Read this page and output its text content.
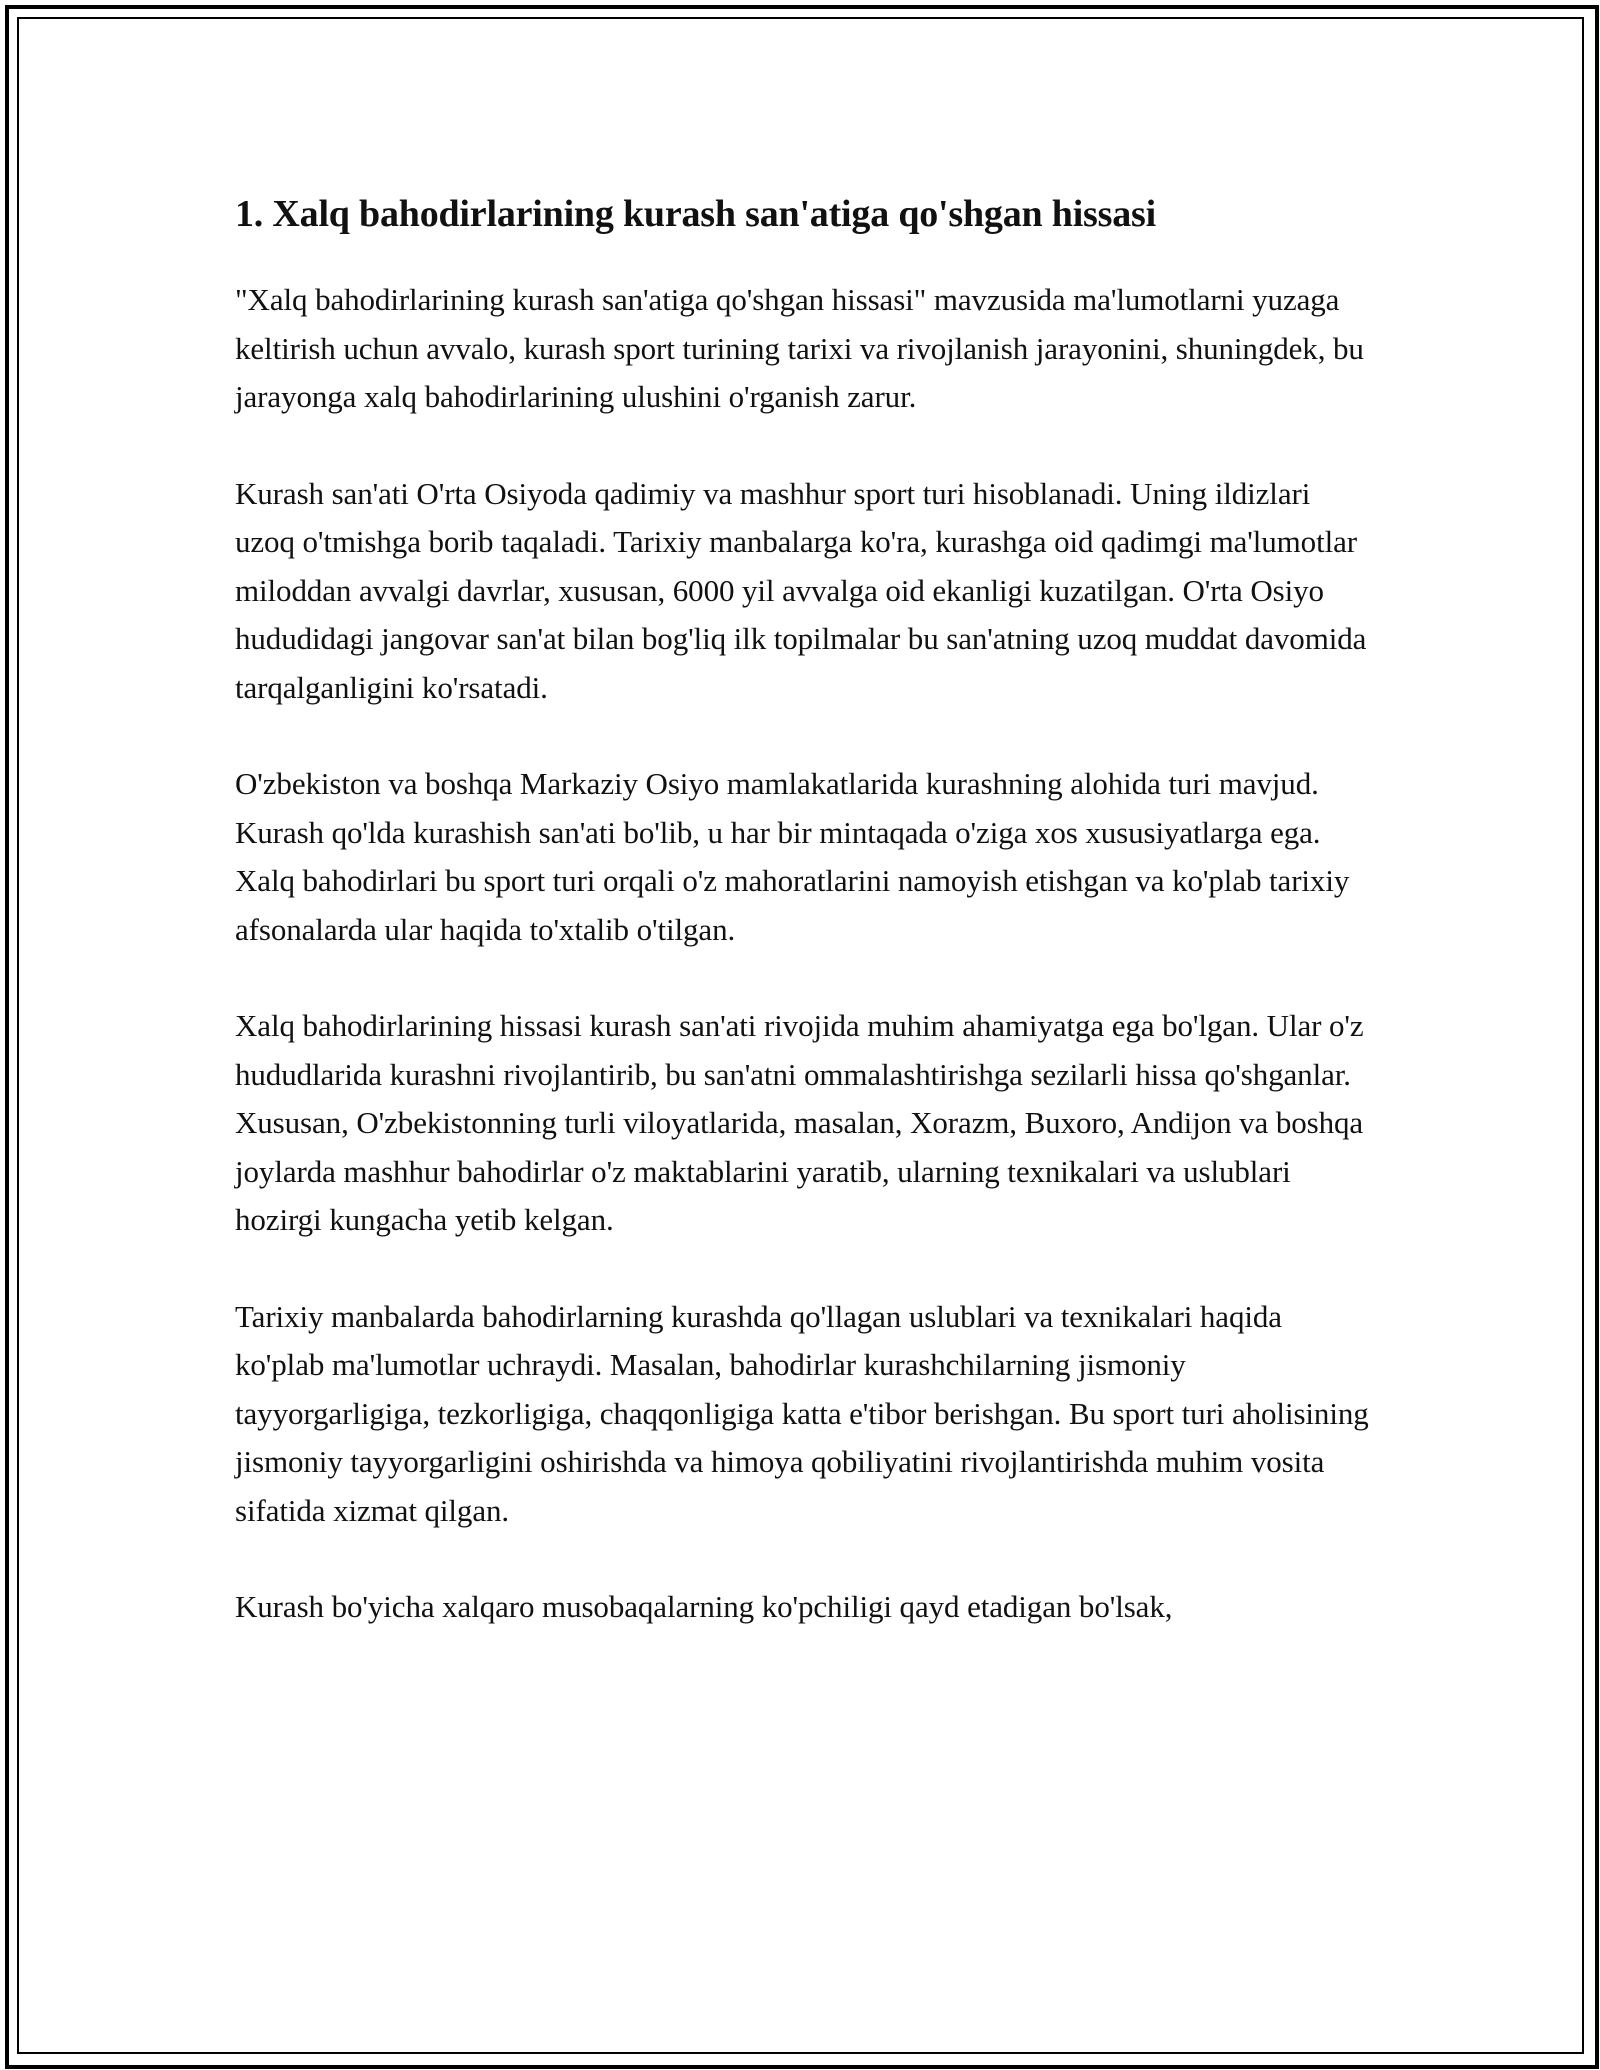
1. Xalq bahodirlarining kurash san'atiga qo'shgan hissasi

"Xalq bahodirlarining kurash san'atiga qo'shgan hissasi" mavzusida ma'lumotlarni yuzaga keltirish uchun avvalo, kurash sport turining tarixi va rivojlanish jarayonini, shuningdek, bu jarayonga xalq bahodirlarining ulushini o'rganish zarur.

Kurash san'ati O'rta Osiyoda qadimiy va mashhur sport turi hisoblanadi. Uning ildizlari uzoq o'tmishga borib taqaladi. Tarixiy manbalarga ko'ra, kurashga oid qadimgi ma'lumotlar miloddan avvalgi davrlar, xususan, 6000 yil avvalga oid ekanligi kuzatilgan. O'rta Osiyo hududidagi jangovar san'at bilan bog'liq ilk topilmalar bu san'atning uzoq muddat davomida tarqalganligini ko'rsatadi.

O'zbekiston va boshqa Markaziy Osiyo mamlakatlarida kurashning alohida turi mavjud. Kurash qo'lda kurashish san'ati bo'lib, u har bir mintaqada o'ziga xos xususiyatlarga ega. Xalq bahodirlari bu sport turi orqali o'z mahoratlarini namoyish etishgan va ko'plab tarixiy afsonalarda ular haqida to'xtalib o'tilgan.

Xalq bahodirlarining hissasi kurash san'ati rivojida muhim ahamiyatga ega bo'lgan. Ular o'z hududlarida kurashni rivojlantirib, bu san'atni ommalashtirishga sezilarli hissa qo'shganlar. Xususan, O'zbekistonning turli viloyatlarida, masalan, Xorazm, Buxoro, Andijon va boshqa joylarda mashhur bahodirlar o'z maktablarini yaratib, ularning texnikalari va uslublari hozirgi kungacha yetib kelgan.

Tarixiy manbalarda bahodirlarning kurashda qo'llagan uslublari va texnikalari haqida ko'plab ma'lumotlar uchraydi. Masalan, bahodirlar kurashchilarning jismoniy tayyorgarligiga, tezkorligiga, chaqqonligiga katta e'tibor berishgan. Bu sport turi aholisining jismoniy tayyorgarligini oshirishda va himoya qobiliyatini rivojlantirishda muhim vosita sifatida xizmat qilgan.

Kurash bo'yicha xalqaro musobaqalarning ko'pchiligi qayd etadigan bo'lsak,
